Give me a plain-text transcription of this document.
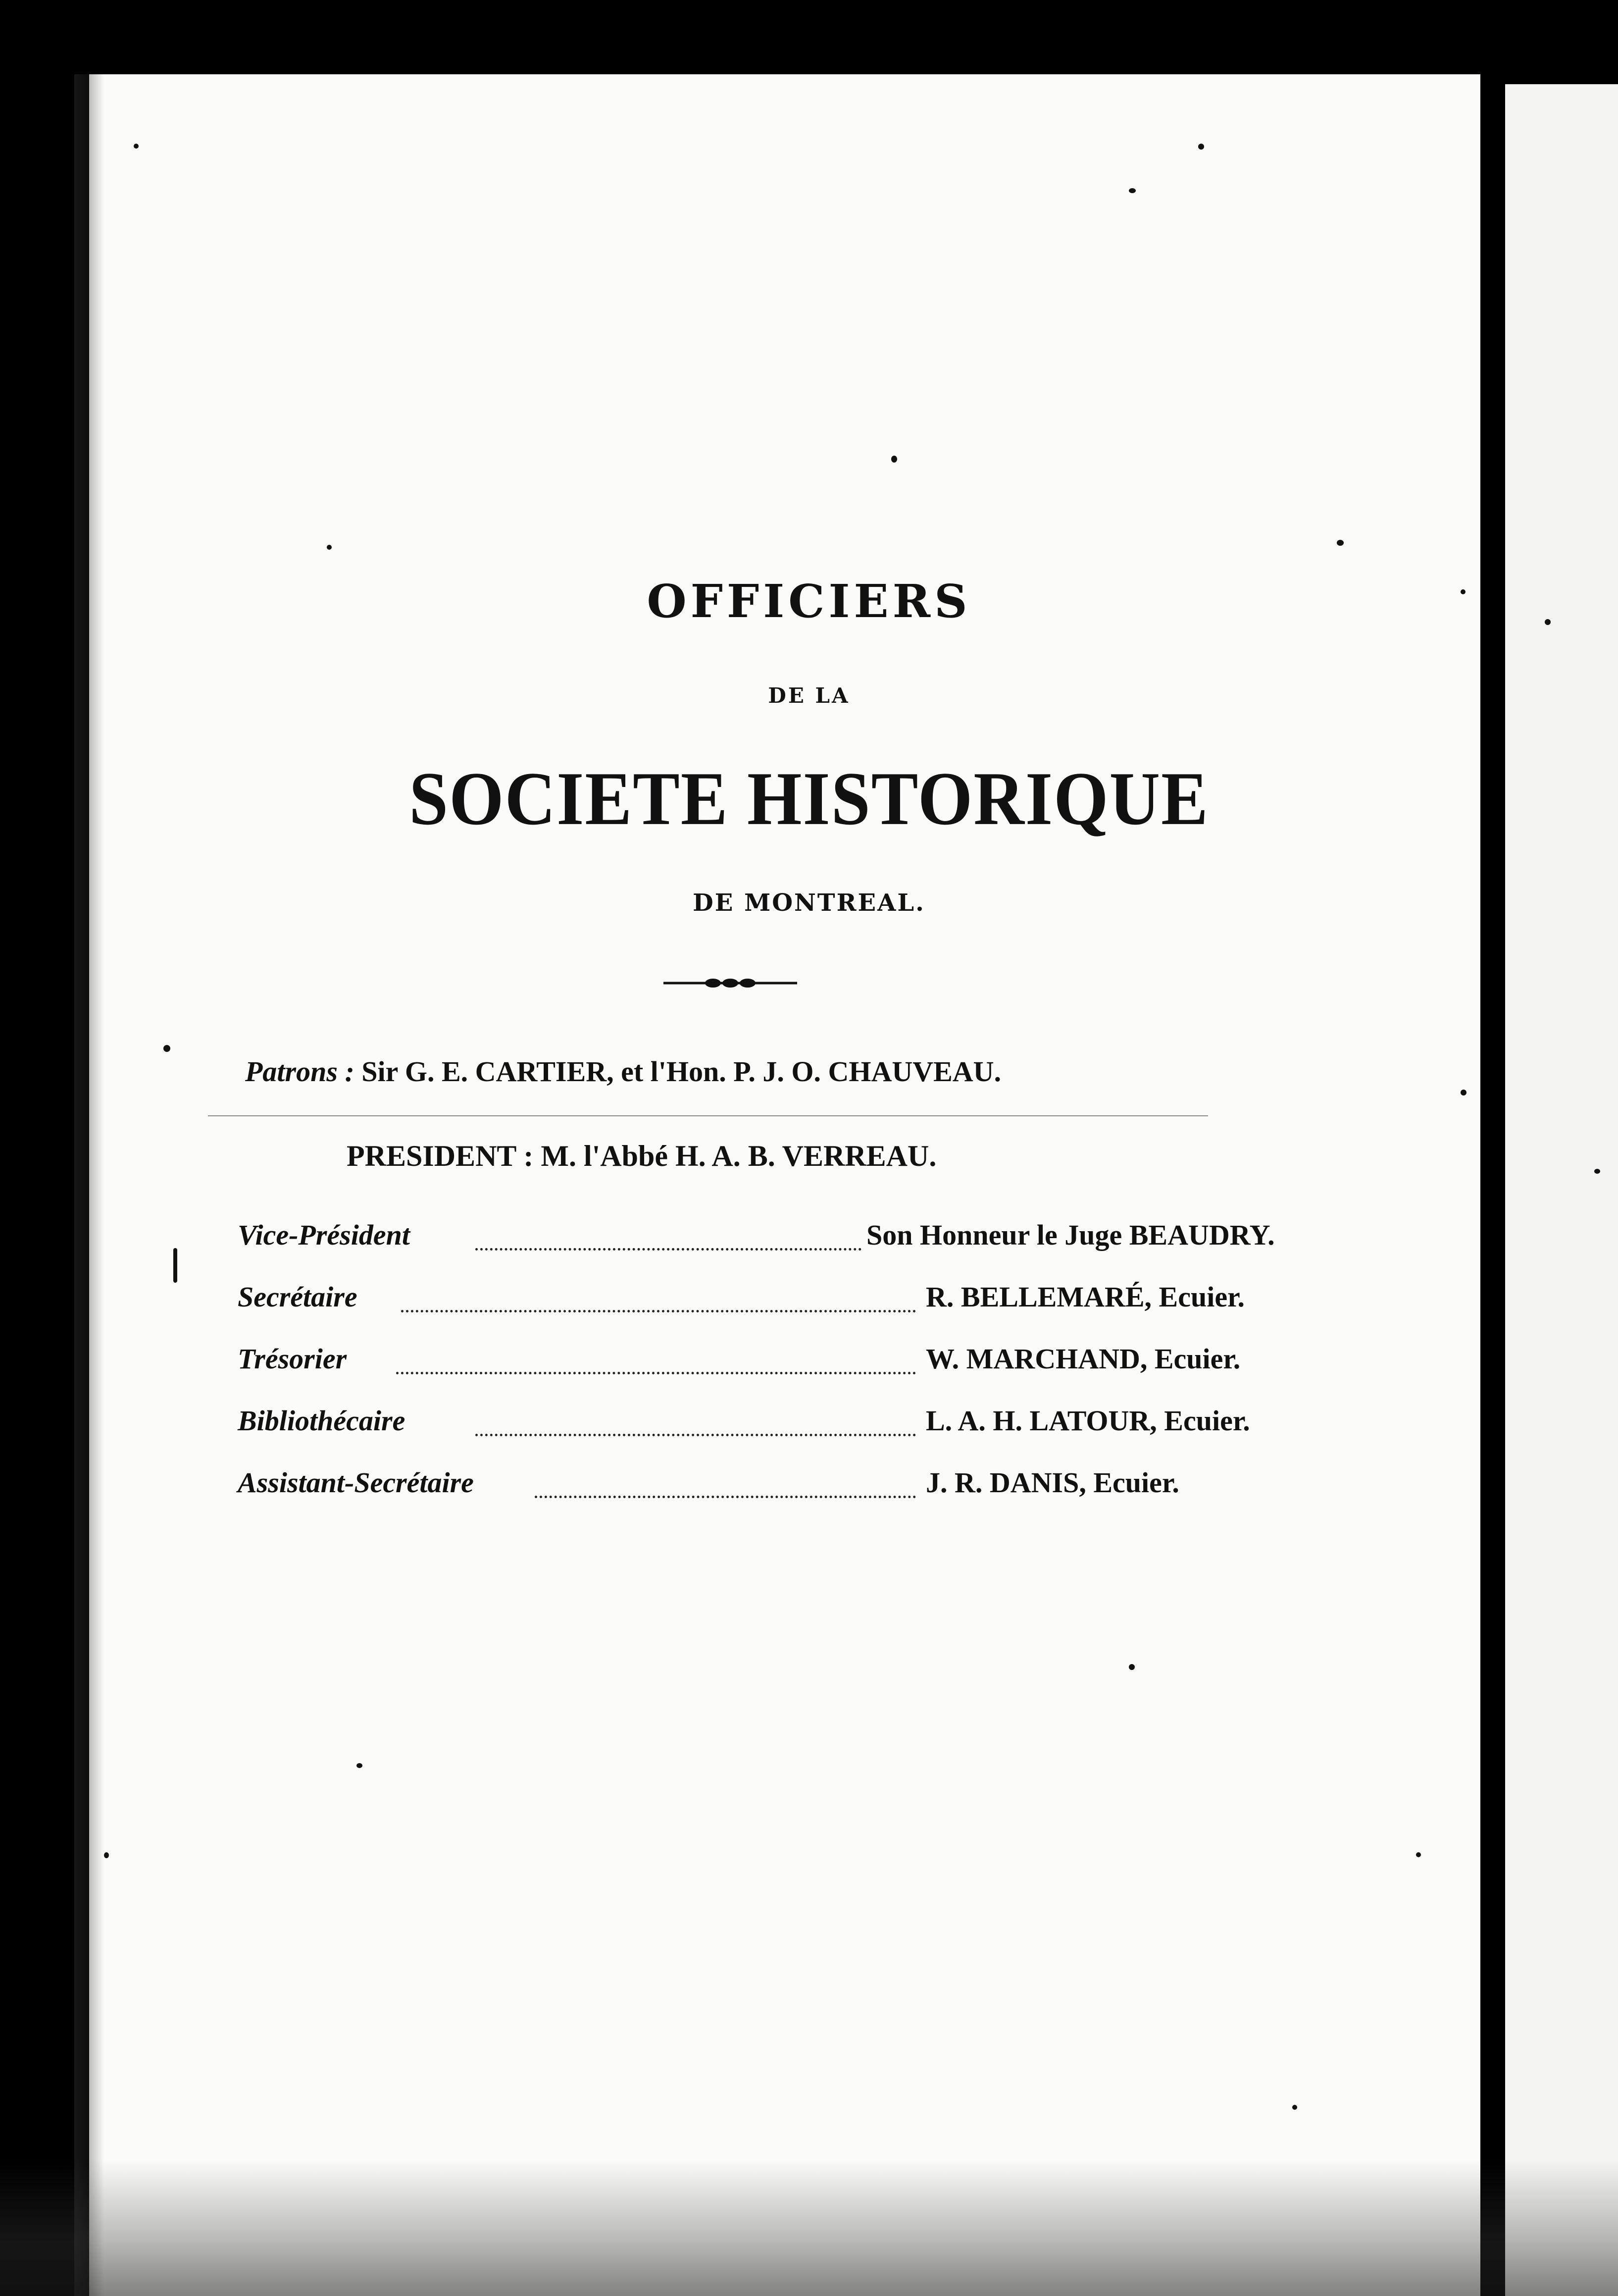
OFFICIERS
DE LA
SOCIETE HISTORIQUE
DE MONTREAL.
Patrons : Sir G. E. CARTIER, et l'Hon. P. J. O. CHAUVEAU.
PRESIDENT : M. l'Abbé H. A. B. VERREAU.
Vice-Président	Son Honneur le Juge BEAUDRY.
Secrétaire	R. BELLEMARÉ, Ecuier.
Trésorier	W. MARCHAND, Ecuier.
Bibliothécaire	L. A. H. LATOUR, Ecuier.
Assistant-Secrétaire	J. R. DANIS, Ecuier.
